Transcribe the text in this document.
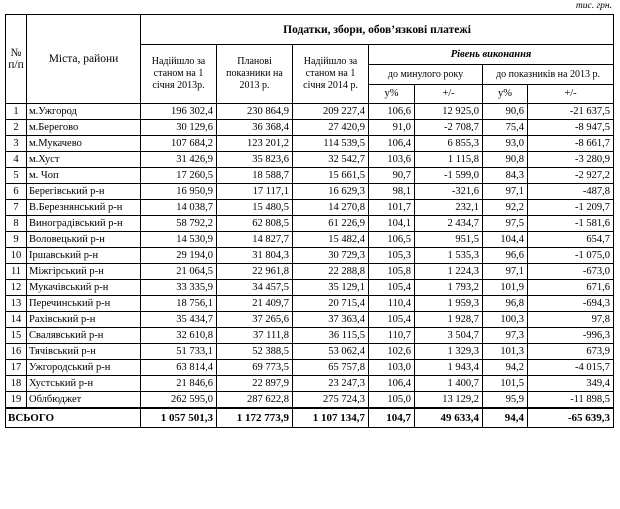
тис. грн.
№ п/п	Міста, райони	Податки, збори, обов’язкові платежі						
		Надійшло за станом на 1 січня 2013р.	Планові показники на 2013 р.	Надійшло за станом на 1 січня 2014 р.	Рівень виконання			
					до минулого року		до показників на 2013 р.	
					у%	+/-	у%	+/-
1	м.Ужгород	196 302,4	230 864,9	209 227,4	106,6	12 925,0	90,6	-21 637,5
2	м.Берегово	30 129,6	36 368,4	27 420,9	91,0	-2 708,7	75,4	-8 947,5
3	м.Мукачево	107 684,2	123 201,2	114 539,5	106,4	6 855,3	93,0	-8 661,7
4	м.Хуст	31 426,9	35 823,6	32 542,7	103,6	1 115,8	90,8	-3 280,9
5	м. Чоп	17 260,5	18 588,7	15 661,5	90,7	-1 599,0	84,3	-2 927,2
6	Берегівський р-н	16 950,9	17 117,1	16 629,3	98,1	-321,6	97,1	-487,8
7	В.Березнянський р-н	14 038,7	15 480,5	14 270,8	101,7	232,1	92,2	-1 209,7
8	Виноградівський р-н	58 792,2	62 808,5	61 226,9	104,1	2 434,7	97,5	-1 581,6
9	Воловецький р-н	14 530,9	14 827,7	15 482,4	106,5	951,5	104,4	654,7
10	Іршавський р-н	29 194,0	31 804,3	30 729,3	105,3	1 535,3	96,6	-1 075,0
11	Міжгірський р-н	21 064,5	22 961,8	22 288,8	105,8	1 224,3	97,1	-673,0
12	Мукачівський р-н	33 335,9	34 457,5	35 129,1	105,4	1 793,2	101,9	671,6
13	Перечинський р-н	18 756,1	21 409,7	20 715,4	110,4	1 959,3	96,8	-694,3
14	Рахівський р-н	35 434,7	37 265,6	37 363,4	105,4	1 928,7	100,3	97,8
15	Свалявський р-н	32 610,8	37 111,8	36 115,5	110,7	3 504,7	97,3	-996,3
16	Тячівський р-н	51 733,1	52 388,5	53 062,4	102,6	1 329,3	101,3	673,9
17	Ужгородський р-н	63 814,4	69 773,5	65 757,8	103,0	1 943,4	94,2	-4 015,7
18	Хустський р-н	21 846,6	22 897,9	23 247,3	106,4	1 400,7	101,5	349,4
19	Облбюджет	262 595,0	287 622,8	275 724,3	105,0	13 129,2	95,9	-11 898,5
ВСЬОГО		1 057 501,3	1 172 773,9	1 107 134,7	104,7	49 633,4	94,4	-65 639,3
